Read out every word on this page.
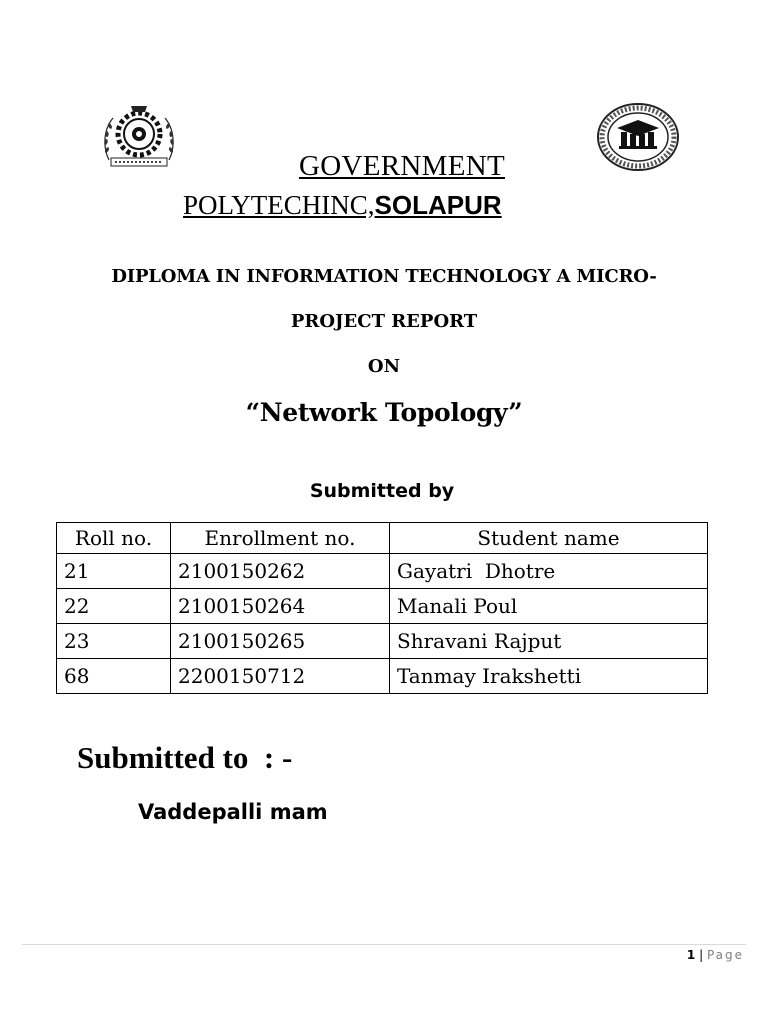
GOVERNMENT
POLYTECHINC,SOLAPUR
DIPLOMA IN INFORMATION TECHNOLOGY A MICRO-
PROJECT REPORT
ON
“Network Topology”
Submitted by
Roll no.	Enrollment no.	Student name
21	2100150262	Gayatri  Dhotre
22	2100150264	Manali Poul
23	2100150265	Shravani Rajput
68	2200150712	Tanmay Irakshetti
Submitted to  : -
Vaddepalli mam
1 | Page
